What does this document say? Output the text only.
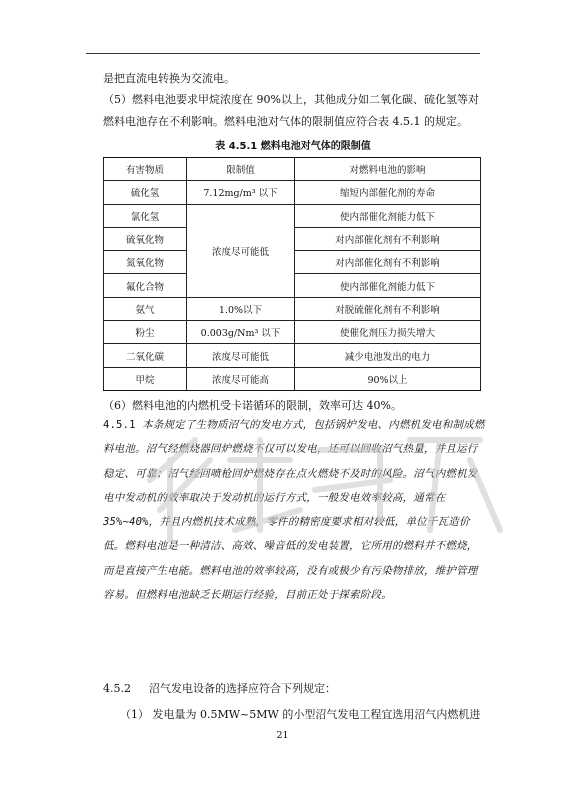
是把直流电转换为交流电。

（5）燃料电池要求甲烷浓度在 90%以上，其他成分如二氧化碳、硫化氢等对燃料电池存在不利影响。燃料电池对气体的限制值应符合表 4.5.1 的规定。

表 4.5.1 燃料电池对气体的限制值
有害物质	限制值	对燃料电池的影响
硫化氢	7.12mg/m³ 以下	缩短内部催化剂的寿命
氯化氢	浓度尽可能低	使内部催化剂能力低下
硫氧化物		对内部催化剂有不利影响
氮氧化物		对内部催化剂有不利影响
氟化合物		使内部催化剂能力低下
氨气	1.0%以下	对脱硫催化剂有不利影响
粉尘	0.003g/Nm³ 以下	使催化剂压力损失增大
二氧化碳	浓度尽可能低	减少电池发出的电力
甲烷	浓度尽可能高	90%以上

（6）燃料电池的内燃机受卡诺循环的限制，效率可达 40%。

4.5.1 本条规定了生物质沼气的发电方式，包括锅炉发电、内燃机发电和制成燃料电池。沼气经燃烧器回炉燃烧不仅可以发电，还可以回收沼气热量，并且运行稳定、可靠；沼气经回喷枪回炉燃烧存在点火燃烧不及时的风险。沼气内燃机发电中发动机的效率取决于发动机的运行方式，一般发电效率较高，通常在 35%~40%，并且内燃机技术成熟，零件的精密度要求相对较低，单位千瓦造价低。燃料电池是一种清洁、高效、噪音低的发电装置，它所用的燃料并不燃烧，而是直接产生电能。燃料电池的效率较高，没有或极少有污染物排放，维护管理容易。但燃料电池缺乏长期运行经验，目前正处于探索阶段。

4.5.2 沼气发电设备的选择应符合下列规定：
（1） 发电量为 0.5MW~5MW 的小型沼气发电工程宜选用沼气内燃机进
21
